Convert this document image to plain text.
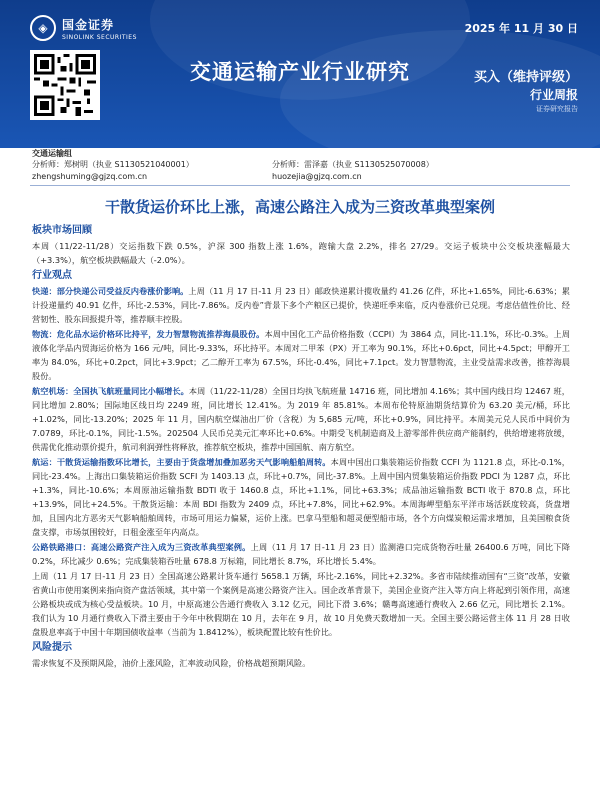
◈	国金证券
SINOLINK SECURITIES
2025 年 11 月 30 日
交通运输产业行业研究	买入（维持评级）
行业周报
证券研究报告
交通运输组
分析师：郑树明（执业 S1130521040001）	分析师：雷泽嘉（执业 S1130525070008）
zhengshuming@gjzq.com.cn	huozejia@gjzq.com.cn
干散货运价环比上涨，高速公路注入成为三资改革典型案例
板块市场回顾

本周（11/22-11/28）交运指数下跌 0.5%，沪深 300 指数上涨 1.6%，跑输大盘 2.2%，排名 27/29。交运子板块中公交板块涨幅最大（+3.3%），航空板块跌幅最大（-2.0%）。

行业观点

快递：部分快递公司受益反内卷涨价影响。上周（11 月 17 日-11 月 23 日）邮政快递累计揽收量约 41.26 亿件，环比+1.65%，同比-6.63%；累计投递量约 40.91 亿件，环比-2.53%，同比-7.86%。反内卷”背景下多个产粮区已提价，快递旺季来临，反内卷涨价已兑现。考虑估值性价比、经营韧性、股东回报提升等，推荐顺丰控股。

物流：危化品水运价格环比持平，发力智慧物流推荐海晨股份。本周中国化工产品价格指数（CCPI）为 3864 点，同比-11.1%，环比-0.3%。上周液体化学品内贸海运价格为 166 元/吨，同比-9.33%，环比持平。本周对二甲苯（PX）开工率为 90.1%，环比+0.6pct，同比+4.5pct；甲醇开工率为 84.0%，环比+0.2pct，同比+3.9pct；乙二醇开工率为 67.5%，环比-0.4%，同比+7.1pct。发力智慧物流，主业受益需求改善，推荐海晨股份。

航空机场：全国执飞航班量同比小幅增长。本周（11/22-11/28）全国日均执飞航班量 14716 班，同比增加 4.16%；其中国内线日均 12467 班，同比增加 2.80%；国际地区线日均 2249 班，同比增长 12.41%。为 2019 年 85.81%。本周布伦特原油期货结算价为 63.20 美元/桶，环比+1.02%，同比-13.20%；2025 年 11 月，国内航空煤油出厂价（含税）为 5,685 元/吨，环比+0.9%，同比持平。本周美元兑人民币中间价为 7.0789，环比-0.1%，同比-1.5%。202504 人民币兑美元汇率环比+0.6%。中期受飞机制造商及上游零部件供应商产能制约，供给增速将放缓，供需优化推动票价提升，航司利润弹性将释放，推荐航空板块，推荐中国国航、南方航空。

航运：干散货运输指数环比增长，主要由于货盘增加叠加恶劣天气影响船舶周转。本周中国出口集装箱运价指数 CCFI 为 1121.8 点，环比-0.1%，同比-23.4%。上海出口集装箱运价指数 SCFI 为 1403.13 点，环比+0.7%，同比-37.8%。上周中国内贸集装箱运价指数 PDCI 为 1287 点，环比+1.3%，同比-10.6%；本周原油运输指数 BDTI 收于 1460.8 点，环比+1.1%，同比+63.3%；成品油运输指数 BCTI 收于 870.8 点，环比+13.9%，同比+24.5%。干散货运输：本周 BDI 指数为 2409 点，环比+7.8%，同比+62.9%。本周海岬型船东平洋市场活跃度较高，货盘增加，且国内北方恶劣天气影响船舶周转，市场可用运力偏紧，运价上涨。巴拿马型船和超灵便型船市场，各个方向煤炭粮运需求增加，且美国粮食货盘支撑，市场氛围较好，日租金涨至年内高点。

公路铁路港口：高速公路资产注入成为三资改革典型案例。上周（11 月 17 日-11 月 23 日）监测港口完成货物吞吐量 26400.6 万吨，同比下降 0.2%，环比减少 0.6%；完成集装箱吞吐量 678.8 万标箱，同比增长 8.7%，环比增长 5.4%。

上周（11 月 17 日-11 月 23 日）全国高速公路累计货车通行 5658.1 万辆，环比-2.16%，同比+2.32%。多省市陆续推动国有“三资”改革，安徽省黄山市使用案例来指向资产盘活领域，其中第一个案例是高速公路资产注入。国企改革背景下，美国企业资产注入等方向上将起到引领作用，高速公路板块或成为核心受益板块。10 月，中原高速公告通行费收入 3.12 亿元，同比下滑 3.6%；赣粤高速通行费收入 2.66 亿元，同比增长 2.1%。我们认为 10 月通行费收入下滑主要由于今年中秋假期在 10 月，去年在 9 月，故 10 月免费天数增加一天。全国主要公路运营主体 11 月 28 日收盘股息率高于中国十年期国债收益率（当前为 1.8412%），板块配置比较有性价比。

风险提示

需求恢复不及预期风险，油价上涨风险，汇率波动风险，价格战超预期风险。
